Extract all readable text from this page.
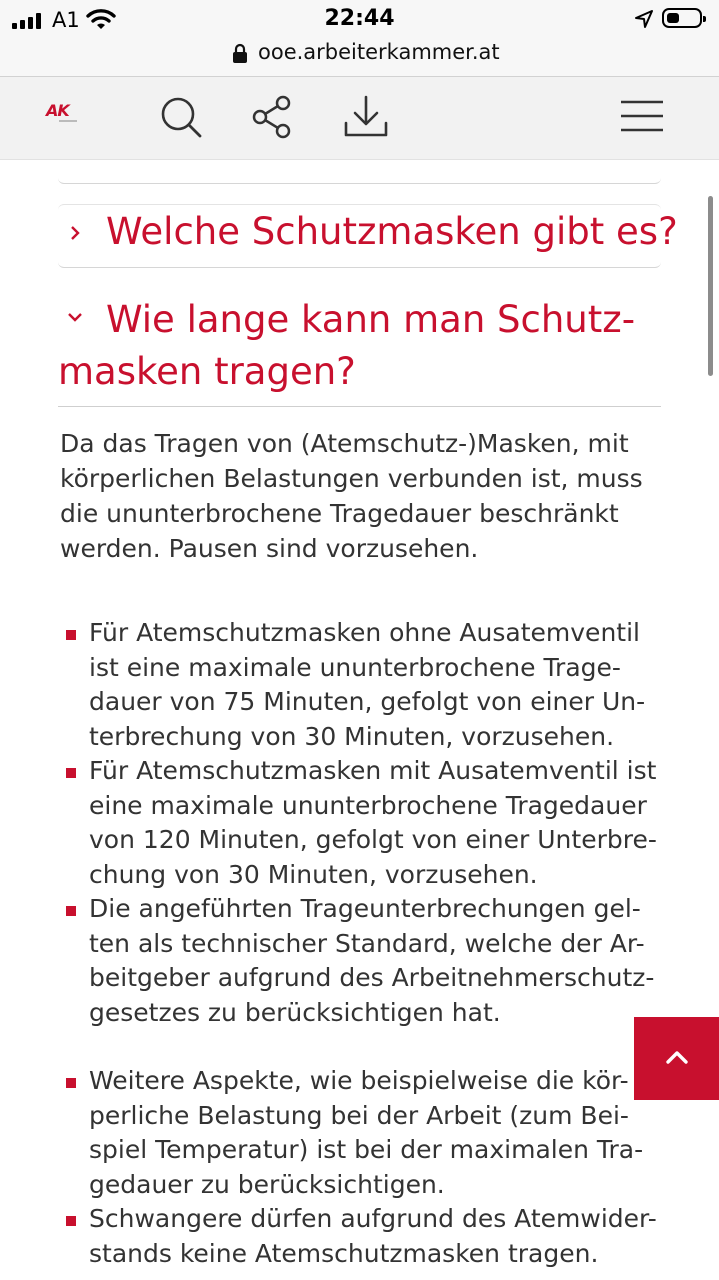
A1	22:44
ooe.arbeiterkammer.at
AK
Welche Schutzmasken gibt es?
Wie lange kann man Schutz-masken tragen?

Da das Tragen von (Atemschutz-)Masken, mit körperlichen Belastungen verbunden ist, muss die ununterbrochene Tragedauer beschränkt werden. Pausen sind vorzusehen.

Für Atemschutzmasken ohne Ausatemventil ist eine maximale ununterbrochene Trage-dauer von 75 Minuten, gefolgt von einer Un-terbrechung von 30 Minuten, vorzusehen.
Für Atemschutzmasken mit Ausatemventil ist eine maximale ununterbrochene Tragedauer von 120 Minuten, gefolgt von einer Unterbre-chung von 30 Minuten, vorzusehen.
Die angeführten Trageunterbrechungen gel-ten als technischer Standard, welche der Ar-beitgeber aufgrund des Arbeitnehmerschutz-gesetzes zu berücksichtigen hat.
Weitere Aspekte, wie beispielweise die kör-perliche Belastung bei der Arbeit (zum Bei-spiel Temperatur) ist bei der maximalen Tra-gedauer zu berücksichtigen.
Schwangere dürfen aufgrund des Atemwider-stands keine Atemschutzmasken tragen.
